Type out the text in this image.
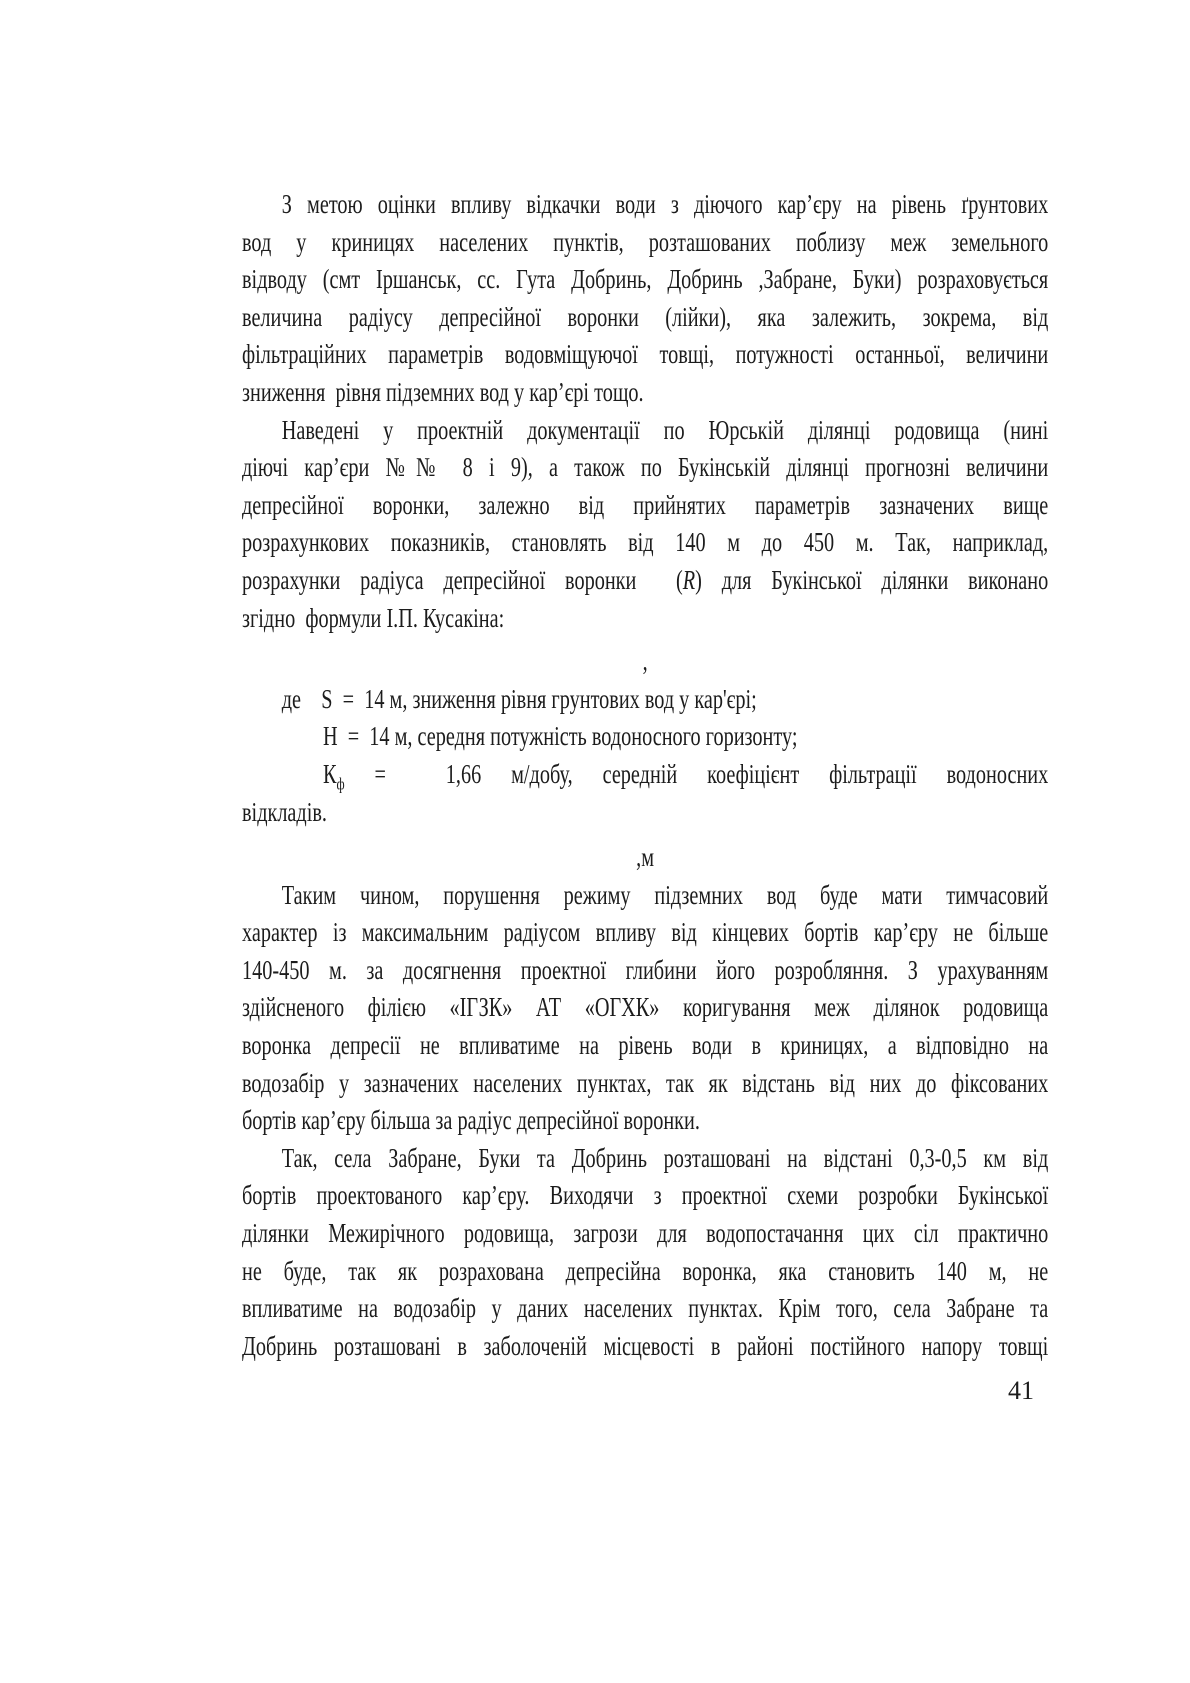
З метою оцінки впливу відкачки води з діючого кар’єру на рівень ґрунтових
вод у криницях населених пунктів, розташованих поблизу меж земельного
відводу (смт Іршанськ, сс. Гута Добринь, Добринь ,Забране, Буки) розраховується
величина радіусу депресійної воронки (лійки), яка залежить, зокрема, від
фільтраційних параметрів водовміщуючої товщі, потужності останньої, величини
зниження  рівня підземних вод у кар’єрі тощо.
Наведені у проектній документації по Юрській ділянці родовища (нині
діючі кар’єри №№ 8 і 9), а також по Букінській ділянці прогнозні величини
депресійної воронки, залежно від прийнятих параметрів зазначених вище
розрахункових показників, становлять від 140 м до 450 м. Так, наприклад,
розрахунки радіуса депресійної воронки  (R) для Букінської ділянки виконано
згідно  формули І.П. Кусакіна:
,
де    S  =  14 м, зниження рівня грунтових вод у кар'єрі;
Н  =  14 м, середня потужність водоносного горизонту;
$К_ф = 1,66$ м/добу, середній коефіцієнт фільтрації водоносних
відкладів.
,м
Таким чином, порушення режиму підземних вод буде мати тимчасовий
характер із максимальним радіусом впливу від кінцевих бортів кар’єру не більше
140-450 м. за досягнення проектної глибини його розробляння. З урахуванням
здійсненого філією «ІГЗК» АТ «ОГХК» коригування меж ділянок родовища
воронка депресії не впливатиме на рівень води в криницях, а відповідно на
водозабір у зазначених населених пунктах, так як відстань від них до фіксованих
бортів кар’єру більша за радіус депресійної воронки.
Так, села Забране, Буки та Добринь розташовані на відстані 0,3-0,5 км від
бортів проектованого кар’єру. Виходячи з проектної схеми розробки Букінської
ділянки Межирічного родовища, загрози для водопостачання цих сіл практично
не буде, так як розрахована депресійна воронка, яка становить 140 м, не
впливатиме на водозабір у даних населених пунктах. Крім того, села Забране та
Добринь розташовані в заболоченій місцевості в районі постійного напору товщі
41
